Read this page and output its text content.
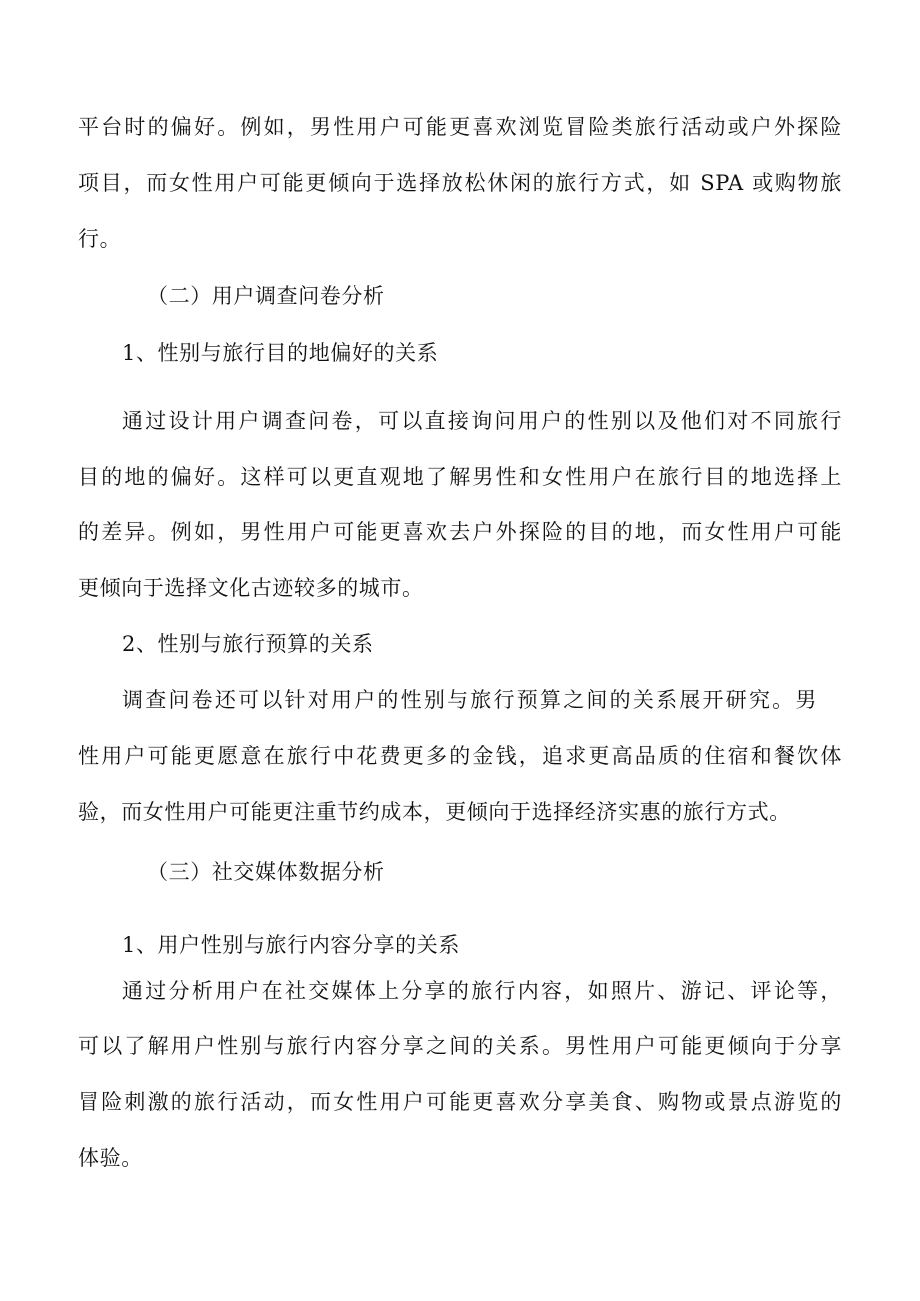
平台时的偏好。例如，男性用户可能更喜欢浏览冒险类旅行活动或户外探险
项目，而女性用户可能更倾向于选择放松休闲的旅行方式，如 SPA 或购物旅
行。
（二）用户调查问卷分析
1、性别与旅行目的地偏好的关系
通过设计用户调查问卷，可以直接询问用户的性别以及他们对不同旅行
目的地的偏好。这样可以更直观地了解男性和女性用户在旅行目的地选择上
的差异。例如，男性用户可能更喜欢去户外探险的目的地，而女性用户可能
更倾向于选择文化古迹较多的城市。
2、性别与旅行预算的关系
调查问卷还可以针对用户的性别与旅行预算之间的关系展开研究。男
性用户可能更愿意在旅行中花费更多的金钱，追求更高品质的住宿和餐饮体
验，而女性用户可能更注重节约成本，更倾向于选择经济实惠的旅行方式。
（三）社交媒体数据分析
1、用户性别与旅行内容分享的关系
通过分析用户在社交媒体上分享的旅行内容，如照片、游记、评论等，
可以了解用户性别与旅行内容分享之间的关系。男性用户可能更倾向于分享
冒险刺激的旅行活动，而女性用户可能更喜欢分享美食、购物或景点游览的
体验。
